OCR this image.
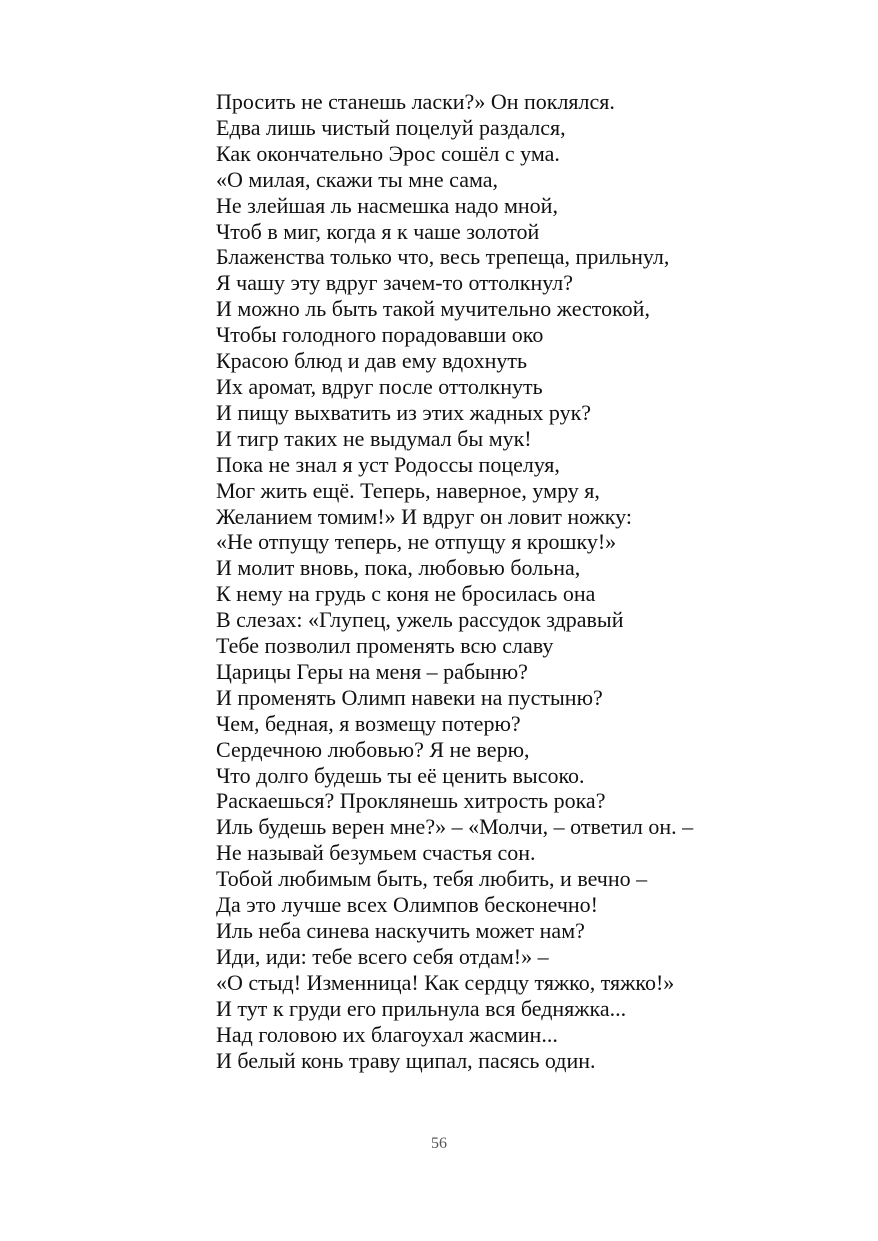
Просить не станешь ласки?» Он поклялся.
Едва лишь чистый поцелуй раздался,
Как окончательно Эрос сошёл с ума.
«О милая, скажи ты мне сама,
Не злейшая ль насмешка надо мной,
Чтоб в миг, когда я к чаше золотой
Блаженства только что, весь трепеща, прильнул,
Я чашу эту вдруг зачем-то оттолкнул?
И можно ль быть такой мучительно жестокой,
Чтобы голодного порадовавши око
Красою блюд и дав ему вдохнуть
Их аромат, вдруг после оттолкнуть
И пищу выхватить из этих жадных рук?
И тигр таких не выдумал бы мук!
Пока не знал я уст Родоссы поцелуя,
Мог жить ещё. Теперь, наверное, умру я,
Желанием томим!» И вдруг он ловит ножку:
«Не отпущу теперь, не отпущу я крошку!»
И молит вновь, пока, любовью больна,
К нему на грудь с коня не бросилась она
В слезах: «Глупец, ужель рассудок здравый
Тебе позволил променять всю славу
Царицы Геры на меня – рабыню?
И променять Олимп навеки на пустыню?
Чем, бедная, я возмещу потерю?
Сердечною любовью? Я не верю,
Что долго будешь ты её ценить высоко.
Раскаешься? Проклянешь хитрость рока?
Иль будешь верен мне?» – «Молчи, – ответил он. –
Не называй безумьем счастья сон.
Тобой любимым быть, тебя любить, и вечно –
Да это лучше всех Олимпов бесконечно!
Иль неба синева наскучить может нам?
Иди, иди: тебе всего себя отдам!» –
«О стыд! Изменница! Как сердцу тяжко, тяжко!»
И тут к груди его прильнула вся бедняжка...
Над головою их благоухал жасмин...
И белый конь траву щипал, пасясь один.
56
